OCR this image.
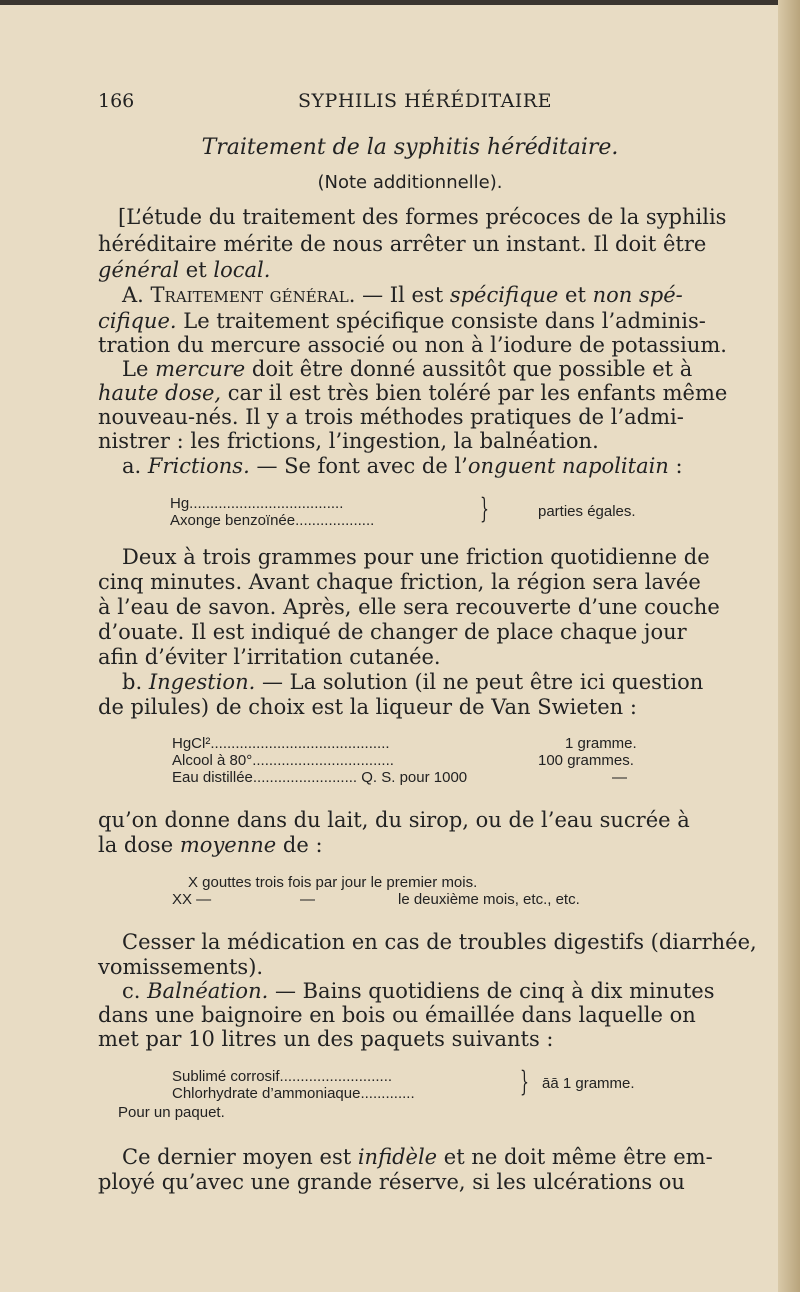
166	SYPHILIS HÉRÉDITAIRE
Traitement de la syphitis héréditaire.
(Note additionnelle).
[L’étude du traitement des formes précoces de la syphilis
héréditaire mérite de nous arrêter un instant. Il doit être
général et local.
A. Traitement général. — Il est spécifique et non spé-
cifique. Le traitement spécifique consiste dans l’adminis-
tration du mercure associé ou non à l’iodure de potassium.
Le mercure doit être donné aussitôt que possible et à
haute dose, car il est très bien toléré par les enfants même
nouveau-nés. Il y a trois méthodes pratiques de l’admi-
nistrer : les frictions, l’ingestion, la balnéation.
a. Frictions. — Se font avec de l’onguent napolitain :
Hg.....................................
Axonge benzoïnée...................	}	parties égales.
Deux à trois grammes pour une friction quotidienne de
cinq minutes. Avant chaque friction, la région sera lavée
à l’eau de savon. Après, elle sera recouverte d’une couche
d’ouate. Il est indiqué de changer de place chaque jour
afin d’éviter l’irritation cutanée.
b. Ingestion. — La solution (il ne peut être ici question
de pilules) de choix est la liqueur de Van Swieten :
HgCl²...........................................	1 gramme.
Alcool à 80°..................................	100 grammes.
Eau distillée......................... Q. S. pour 1000	—
qu’on donne dans du lait, du sirop, ou de l’eau sucrée à
la dose moyenne de :
X gouttes trois fois par jour le premier mois.
XX —	—	le deuxième mois, etc., etc.
Cesser la médication en cas de troubles digestifs (diarrhée,
vomissements).
c. Balnéation. — Bains quotidiens de cinq à dix minutes
dans une baignoire en bois ou émaillée dans laquelle on
met par 10 litres un des paquets suivants :
Sublimé corrosif...........................
Chlorhydrate d’ammoniaque.............	} āā 1 gramme.
Pour un paquet.
Ce dernier moyen est infidèle et ne doit même être em-
ployé qu’avec une grande réserve, si les ulcérations ou
